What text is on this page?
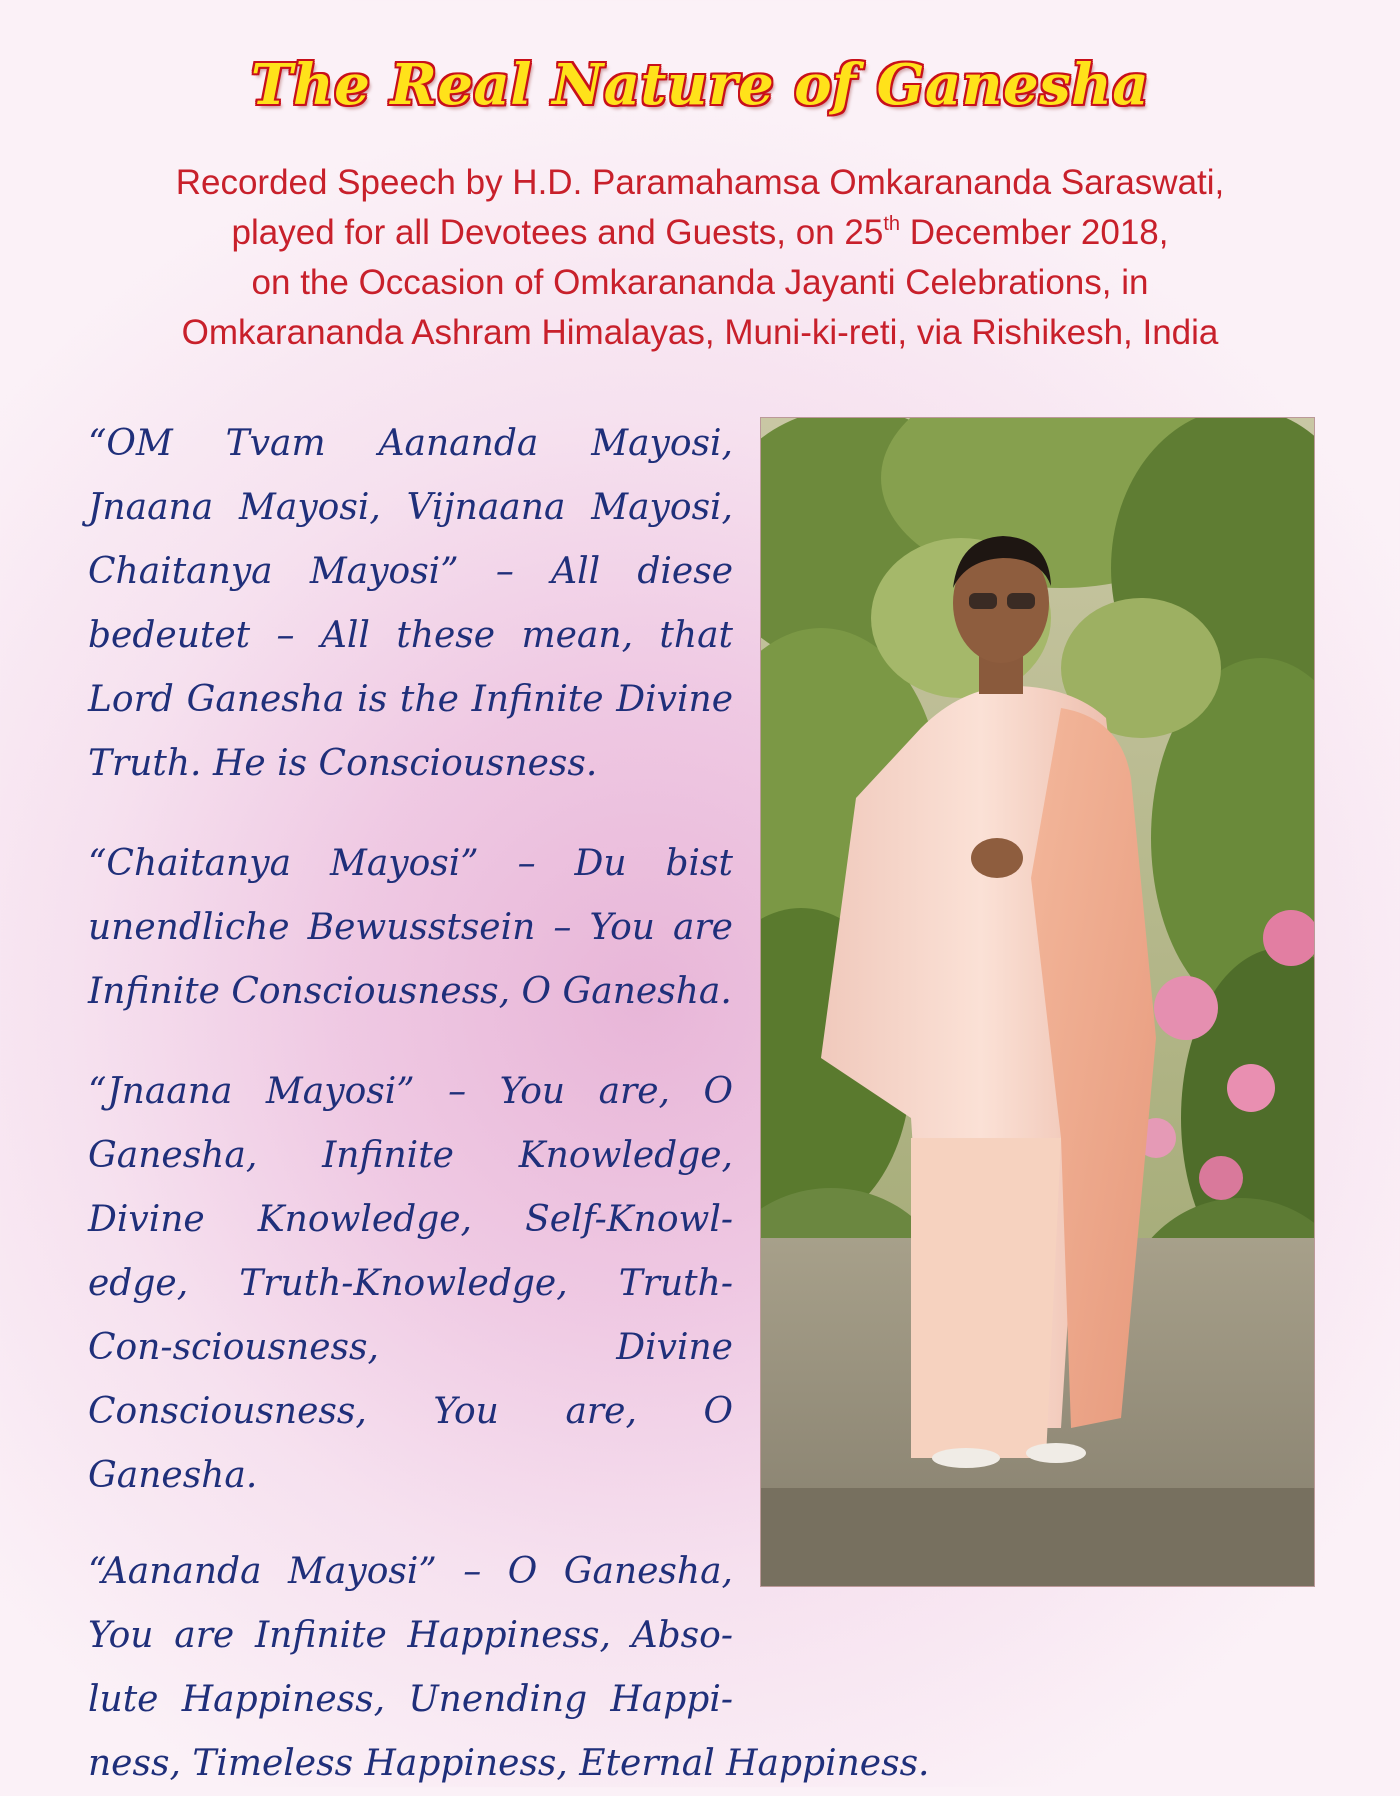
The Real Nature of Ganesha
Recorded Speech by H.D. Paramahamsa Omkarananda Saraswati,
played for all Devotees and Guests, on 25th December 2018,
on the Occasion of Omkarananda Jayanti Celebrations, in
Omkarananda Ashram Himalayas, Muni-ki-reti, via Rishikesh, India

“OM Tvam Aananda Mayosi, Jnaana Mayosi, Vijnaana Mayosi, Chaitanya Mayosi” – All diese bedeutet – All these mean, that Lord Ganesha is the Infinite Divine Truth. He is Consciousness.

“Chaitanya Mayosi” – Du bist unendliche Bewusstsein – You are Infinite Consciousness, O Ganesha.

“Jnaana Mayosi” – You are, O Ganesha, Infinite Knowledge, Divine Knowledge, Self-Knowl-edge, Truth-Knowledge, Truth-Con-sciousness, Divine Consciousness, You are, O Ganesha.

“Aananda Mayosi” – O Ganesha,
You are Infinite Happiness, Abso-
lute Happiness, Unending Happi-
ness, Timeless Happiness, Eternal Happiness.
